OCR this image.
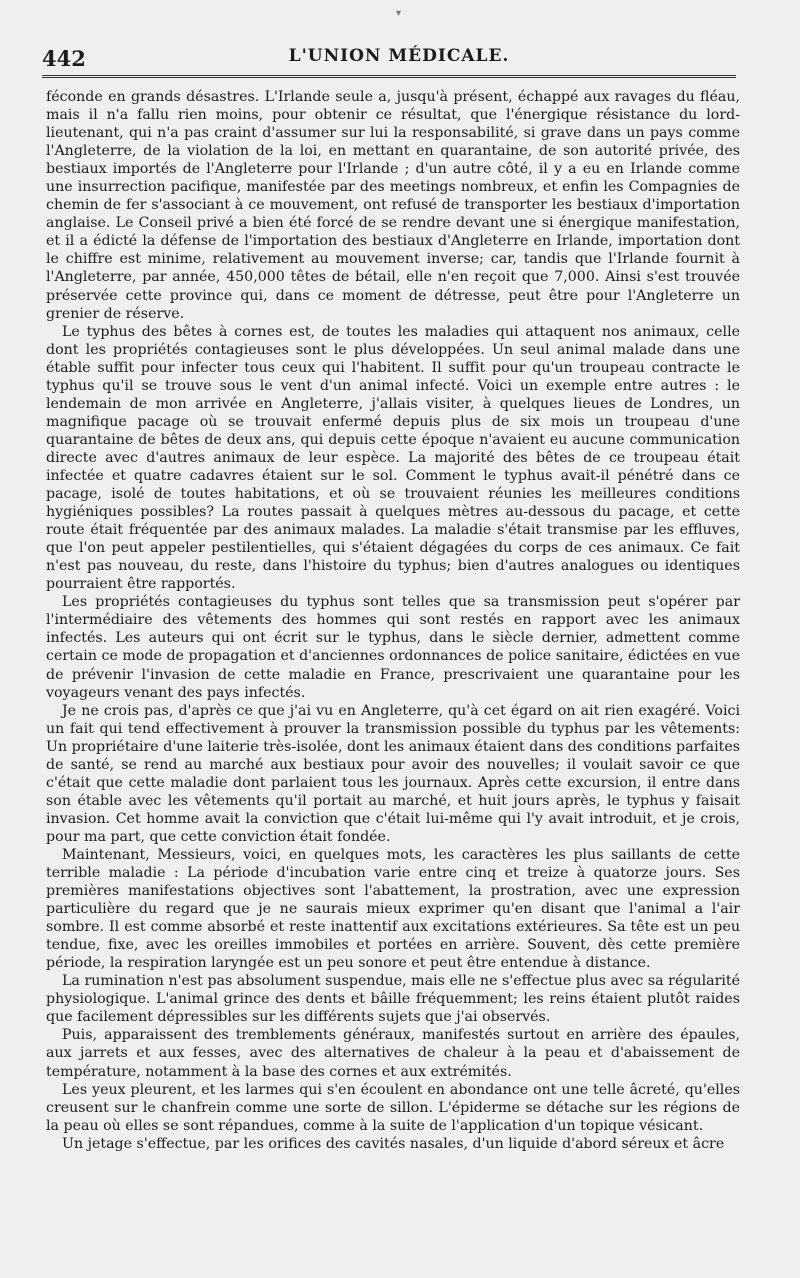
▾
442	L'UNION MÉDICALE.

féconde en grands désastres. L'Irlande seule a, jusqu'à présent, échappé aux ravages du fléau, mais il n'a fallu rien moins, pour obtenir ce résultat, que l'énergique résistance du lord-lieutenant, qui n'a pas craint d'assumer sur lui la responsabilité, si grave dans un pays comme l'Angleterre, de la violation de la loi, en mettant en quarantaine, de son autorité privée, des bestiaux importés de l'Angleterre pour l'Irlande ; d'un autre côté, il y a eu en Irlande comme une insurrection pacifique, manifestée par des meetings nombreux, et enfin les Compagnies de chemin de fer s'associant à ce mouvement, ont refusé de transporter les bestiaux d'importation anglaise. Le Conseil privé a bien été forcé de se rendre devant une si énergique manifestation, et il a édicté la défense de l'importation des bestiaux d'Angleterre en Irlande, importation dont le chiffre est minime, relativement au mouvement inverse; car, tandis que l'Irlande fournit à l'Angleterre, par année, 450,000 têtes de bétail, elle n'en reçoit que 7,000. Ainsi s'est trouvée préservée cette province qui, dans ce moment de détresse, peut être pour l'Angleterre un grenier de réserve.

Le typhus des bêtes à cornes est, de toutes les maladies qui attaquent nos animaux, celle dont les propriétés contagieuses sont le plus développées. Un seul animal malade dans une étable suffit pour infecter tous ceux qui l'habitent. Il suffit pour qu'un troupeau contracte le typhus qu'il se trouve sous le vent d'un animal infecté. Voici un exemple entre autres : le lendemain de mon arrivée en Angleterre, j'allais visiter, à quelques lieues de Londres, un magnifique pacage où se trouvait enfermé depuis plus de six mois un troupeau d'une quarantaine de bêtes de deux ans, qui depuis cette époque n'avaient eu aucune communication directe avec d'autres animaux de leur espèce. La majorité des bêtes de ce troupeau était infectée et quatre cadavres étaient sur le sol. Comment le typhus avait-il pénétré dans ce pacage, isolé de toutes habitations, et où se trouvaient réunies les meilleures conditions hygiéniques possibles? La routes passait à quelques mètres au-dessous du pacage, et cette route était fréquentée par des animaux malades. La maladie s'était transmise par les effluves, que l'on peut appeler pestilentielles, qui s'étaient dégagées du corps de ces animaux. Ce fait n'est pas nouveau, du reste, dans l'histoire du typhus; bien d'autres analogues ou identiques pourraient être rapportés.

Les propriétés contagieuses du typhus sont telles que sa transmission peut s'opérer par l'intermédiaire des vêtements des hommes qui sont restés en rapport avec les animaux infectés. Les auteurs qui ont écrit sur le typhus, dans le siècle dernier, admettent comme certain ce mode de propagation et d'anciennes ordonnances de police sanitaire, édictées en vue de prévenir l'invasion de cette maladie en France, prescrivaient une quarantaine pour les voyageurs venant des pays infectés.

Je ne crois pas, d'après ce que j'ai vu en Angleterre, qu'à cet égard on ait rien exagéré. Voici un fait qui tend effectivement à prouver la transmission possible du typhus par les vêtements: Un propriétaire d'une laiterie très-isolée, dont les animaux étaient dans des conditions parfaites de santé, se rend au marché aux bestiaux pour avoir des nouvelles; il voulait savoir ce que c'était que cette maladie dont parlaient tous les journaux. Après cette excursion, il entre dans son étable avec les vêtements qu'il portait au marché, et huit jours après, le typhus y faisait invasion. Cet homme avait la conviction que c'était lui-même qui l'y avait introduit, et je crois, pour ma part, que cette conviction était fondée.

Maintenant, Messieurs, voici, en quelques mots, les caractères les plus saillants de cette terrible maladie : La période d'incubation varie entre cinq et treize à quatorze jours. Ses premières manifestations objectives sont l'abattement, la prostration, avec une expression particulière du regard que je ne saurais mieux exprimer qu'en disant que l'animal a l'air sombre. Il est comme absorbé et reste inattentif aux excitations extérieures. Sa tête est un peu tendue, fixe, avec les oreilles immobiles et portées en arrière. Souvent, dès cette première période, la respiration laryngée est un peu sonore et peut être entendue à distance.

La rumination n'est pas absolument suspendue, mais elle ne s'effectue plus avec sa régularité physiologique. L'animal grince des dents et bâille fréquemment; les reins étaient plutôt raides que facilement dépressibles sur les différents sujets que j'ai observés.

Puis, apparaissent des tremblements généraux, manifestés surtout en arrière des épaules, aux jarrets et aux fesses, avec des alternatives de chaleur à la peau et d'abaissement de température, notamment à la base des cornes et aux extrémités.

Les yeux pleurent, et les larmes qui s'en écoulent en abondance ont une telle âcreté, qu'elles creusent sur le chanfrein comme une sorte de sillon. L'épiderme se détache sur les régions de la peau où elles se sont répandues, comme à la suite de l'application d'un topique vésicant.

Un jetage s'effectue, par les orifices des cavités nasales, d'un liquide d'abord séreux et âcre
